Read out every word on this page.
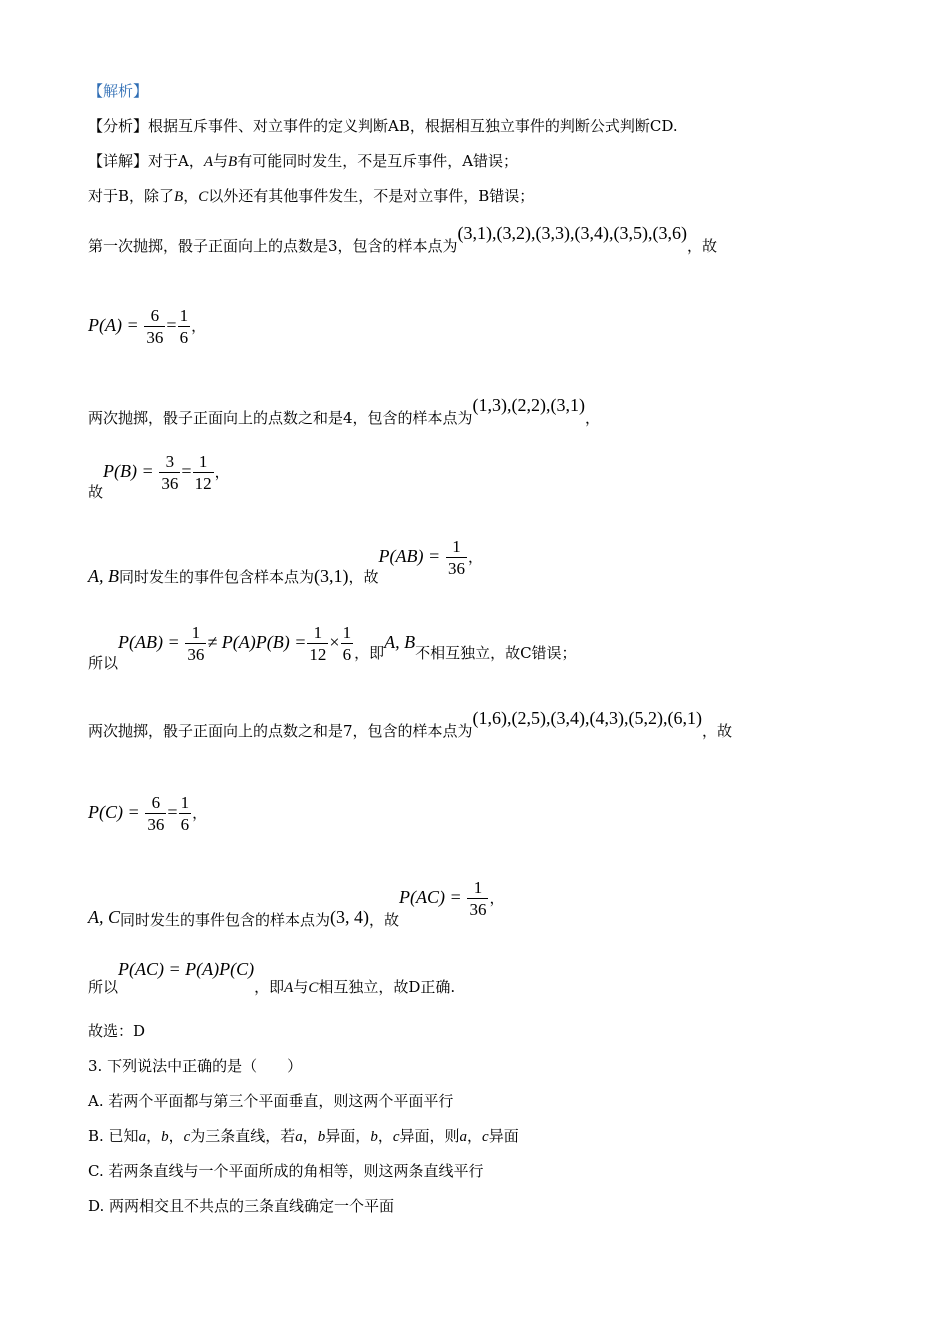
【解析】
【分析】根据互斥事件、对立事件的定义判断AB，根据相互独立事件的判断公式判断CD.
【详解】对于A，A与B有可能同时发生，不是互斥事件，A错误；
对于B，除了B，C以外还有其他事件发生，不是对立事件，B错误；
第一次抛掷，骰子正面向上的点数是3，包含的样本点为(3,1),(3,2),(3,3),(3,4),(3,5),(3,6)，故
$P(A) = \frac{6}{36} = \frac{1}{6}$ ，
两次抛掷，骰子正面向上的点数之和是4，包含的样本点为(1,3),(2,2),(3,1)，
故$P(B) = \frac{3}{36} = \frac{1}{12}$ ，
A, B同时发生的事件包含样本点为(3,1)，故$P(AB) = \frac{1}{36}$ ，
所以$P(AB) = \frac{1}{36} \ne P(A)P(B) = \frac{1}{12} \times \frac{1}{6}$ ，即A, B不相互独立，故C错误；
两次抛掷，骰子正面向上的点数之和是7，包含的样本点为(1,6),(2,5),(3,4),(4,3),(5,2),(6,1)，故
$P(C) = \frac{6}{36} = \frac{1}{6}$ ，
A, C同时发生的事件包含的样本点为(3, 4)，故$P(AC) = \frac{1}{36}$ ，
所以P(AC) = P(A)P(C)，即A与C相互独立，故D正确.
故选：D
3. 下列说法中正确的是（　　）
A. 若两个平面都与第三个平面垂直，则这两个平面平行
B. 已知a，b，c为三条直线，若a，b异面，b，c异面，则a，c异面
C. 若两条直线与一个平面所成的角相等，则这两条直线平行
D. 两两相交且不共点的三条直线确定一个平面
